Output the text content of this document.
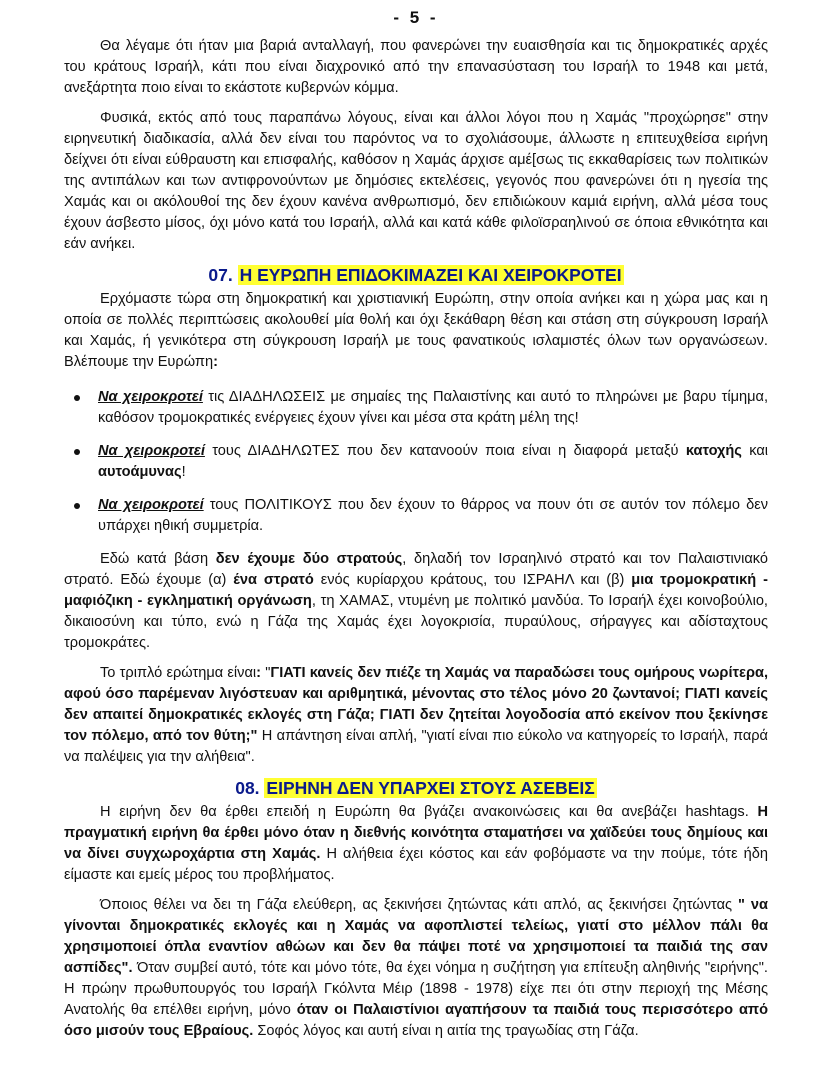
- 5 -

Θα λέγαμε ότι ήταν μια βαριά ανταλλαγή, που φανερώνει την ευαισθησία και τις δημοκρατικές αρχές του κράτους Ισραήλ, κάτι που είναι διαχρονικό από την επανασύσταση του Ισραήλ το 1948 και μετά, ανεξάρτητα ποιο είναι το εκάστοτε κυβερνών κόμμα.

Φυσικά, εκτός από τους παραπάνω λόγους, είναι και άλλοι λόγοι που η Χαμάς "προχώρησε" στην ειρηνευτική διαδικασία, αλλά δεν είναι του παρόντος να το σχολιάσουμε, άλλωστε η επιτευχθείσα ειρήνη δείχνει ότι είναι εύθραυστη και επισφαλής, καθόσον η Χαμάς άρχισε αμέ[σως τις εκκαθαρίσεις των πολιτικών της αντιπάλων και των αντιφρονούντων με δημόσιες εκτελέσεις, γεγονός που φανερώνει ότι η ηγεσία της Χαμάς και οι ακόλουθοί της δεν έχουν κανένα ανθρωπισμό, δεν επιδιώκουν καμιά ειρήνη, αλλά μέσα τους έχουν άσβεστο μίσος, όχι μόνο κατά του Ισραήλ, αλλά και κατά κάθε φιλοϊσραηλινού σε όποια εθνικότητα και εάν ανήκει.

07. Η ΕΥΡΩΠΗ ΕΠΙΔΟΚΙΜΑΖΕΙ ΚΑΙ ΧΕΙΡΟΚΡΟΤΕΙ

Ερχόμαστε τώρα στη δημοκρατική και χριστιανική Ευρώπη, στην οποία ανήκει και η χώρα μας και η οποία σε πολλές περιπτώσεις ακολουθεί μία θολή και όχι ξεκάθαρη θέση και στάση στη σύγκρουση Ισραήλ και Χαμάς, ή γενικότερα στη σύγκρουση Ισραήλ με τους φανατικούς ισλαμιστές όλων των οργανώσεων. Βλέπουμε την Ευρώπη:

Να χειροκροτεί τις ΔΙΑΔΗΛΩΣΕΙΣ με σημαίες της Παλαιστίνης και αυτό το πληρώνει με βαρυ τίμημα, καθόσον τρομοκρατικές ενέργειες έχουν γίνει και μέσα στα κράτη μέλη της!
Να χειροκροτεί τους ΔΙΑΔΗΛΩΤΕΣ που δεν κατανοούν ποια είναι η διαφορά μεταξύ κατοχής και αυτοάμυνας!
Να χειροκροτεί τους ΠΟΛΙΤΙΚΟΥΣ που δεν έχουν το θάρρος να πουν ότι σε αυτόν τον πόλεμο δεν υπάρχει ηθική συμμετρία.

Εδώ κατά βάση δεν έχουμε δύο στρατούς, δηλαδή τον Ισραηλινό στρατό και τον Παλαιστινιακό στρατό. Εδώ έχουμε (α) ένα στρατό ενός κυρίαρχου κράτους, του ΙΣΡΑΗΛ και (β) μια τρομοκρατική - μαφιόζικη - εγκληματική οργάνωση, τη ΧΑΜΑΣ, ντυμένη με πολιτικό μανδύα. Το Ισραήλ έχει κοινοβούλιο, δικαιοσύνη και τύπο, ενώ η Γάζα της Χαμάς έχει λογοκρισία, πυραύλους, σήραγγες και αδίσταχτους τρομοκράτες.

Το τριπλό ερώτημα είναι: "ΓΙΑΤΙ κανείς δεν πιέζε τη Χαμάς να παραδώσει τους ομήρους νωρίτερα, αφού όσο παρέμεναν λιγόστευαν και αριθμητικά, μένοντας στο τέλος μόνο 20 ζωντανοί; ΓΙΑΤΙ κανείς δεν απαιτεί δημοκρατικές εκλογές στη Γάζα; ΓΙΑΤΙ δεν ζητείται λογοδοσία από εκείνον που ξεκίνησε τον πόλεμο, από τον θύτη;" Η απάντηση είναι απλή, "γιατί είναι πιο εύκολο να κατηγορείς το Ισραήλ, παρά να παλέψεις για την αλήθεια".

08. ΕΙΡΗΝΗ ΔΕΝ ΥΠΑΡΧΕΙ ΣΤΟΥΣ ΑΣΕΒΕΙΣ

Η ειρήνη δεν θα έρθει επειδή η Ευρώπη θα βγάζει ανακοινώσεις και θα ανεβάζει hashtags. Η πραγματική ειρήνη θα έρθει μόνο όταν η διεθνής κοινότητα σταματήσει να χαϊδεύει τους δημίους και να δίνει συγχωροχάρτια στη Χαμάς. Η αλήθεια έχει κόστος και εάν φοβόμαστε να την πούμε, τότε ήδη είμαστε και εμείς μέρος του προβλήματος.

Όποιος θέλει να δει τη Γάζα ελεύθερη, ας ξεκινήσει ζητώντας κάτι απλό, ας ξεκινήσει ζητώντας " να γίνονται δημοκρατικές εκλογές και η Χαμάς να αφοπλιστεί τελείως, γιατί στο μέλλον πάλι θα χρησιμοποιεί όπλα εναντίον αθώων και δεν θα πάψει ποτέ να χρησιμοποιεί τα παιδιά της σαν ασπίδες". Όταν συμβεί αυτό, τότε και μόνο τότε, θα έχει νόημα η συζήτηση για επίτευξη αληθινής "ειρήνης". Η πρώην πρωθυπουργός του Ισραήλ Γκόλντα Μέιρ (1898 - 1978) είχε πει ότι στην περιοχή της Μέσης Ανατολής θα επέλθει ειρήνη, μόνο όταν οι Παλαιστίνιοι αγαπήσουν τα παιδιά τους περισσότερο από όσο μισούν τους Εβραίους. Σοφός λόγος και αυτή είναι η αιτία της τραγωδίας στη Γάζα.
